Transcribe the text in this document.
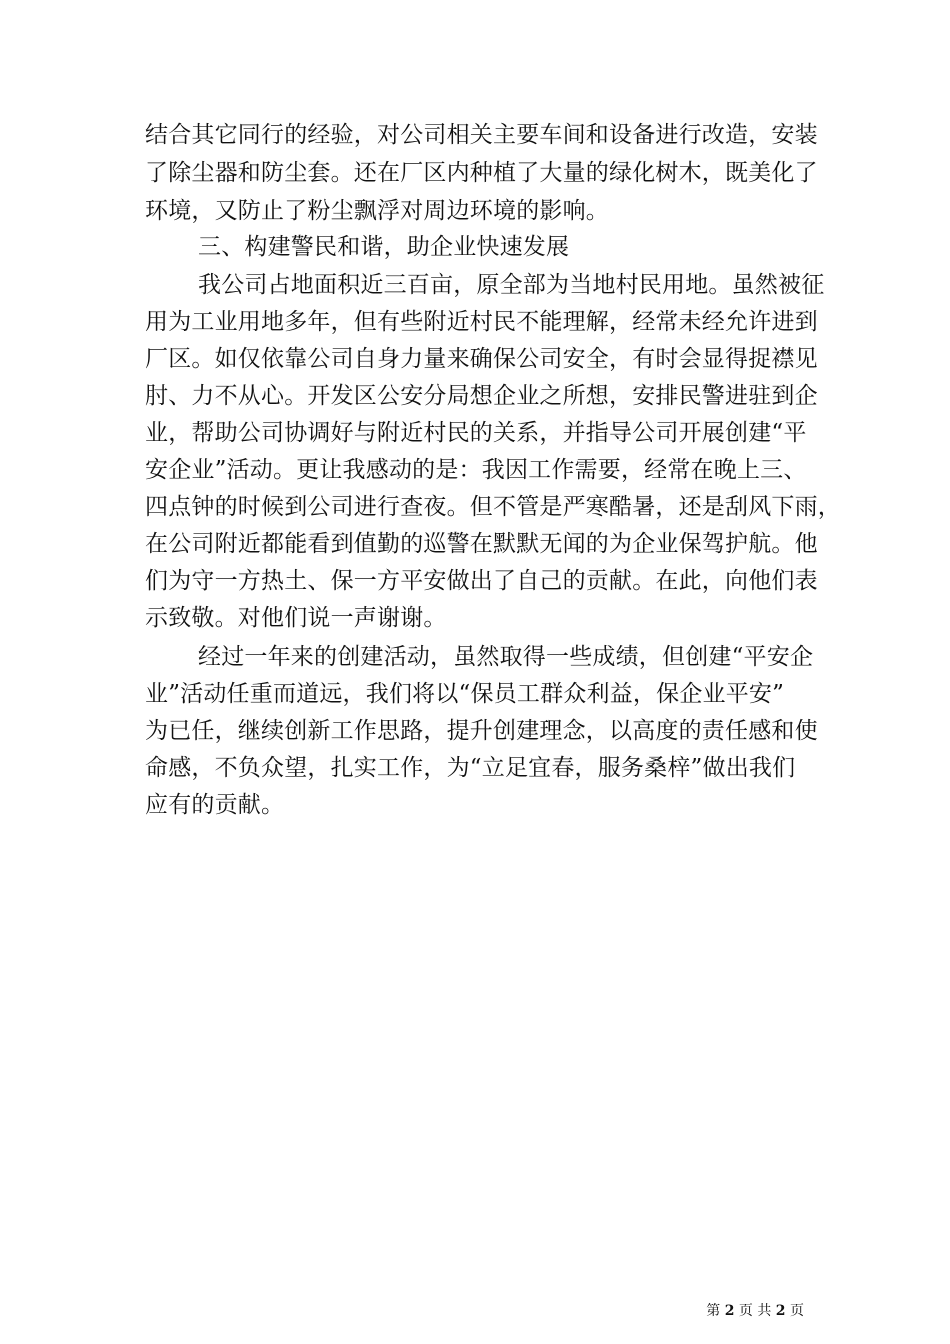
结合其它同行的经验，对公司相关主要车间和设备进行改造，安装
了除尘器和防尘套。还在厂区内种植了大量的绿化树木，既美化了
环境，又防止了粉尘飘浮对周边环境的影响。
三、构建警民和谐，助企业快速发展
我公司占地面积近三百亩，原全部为当地村民用地。虽然被征
用为工业用地多年，但有些附近村民不能理解，经常未经允许进到
厂区。如仅依靠公司自身力量来确保公司安全，有时会显得捉襟见
肘、力不从心。开发区公安分局想企业之所想，安排民警进驻到企
业，帮助公司协调好与附近村民的关系，并指导公司开展创建“平
安企业”活动。更让我感动的是：我因工作需要，经常在晚上三、
四点钟的时候到公司进行查夜。但不管是严寒酷暑，还是刮风下雨，
在公司附近都能看到值勤的巡警在默默无闻的为企业保驾护航。他
们为守一方热土、保一方平安做出了自己的贡献。在此，向他们表
示致敬。对他们说一声谢谢。
经过一年来的创建活动，虽然取得一些成绩，但创建“平安企
业”活动任重而道远，我们将以“保员工群众利益，保企业平安”
为已任，继续创新工作思路，提升创建理念，以高度的责任感和使
命感，不负众望，扎实工作，为“立足宜春，服务桑梓”做出我们
应有的贡献。
第 2 页 共 2 页
